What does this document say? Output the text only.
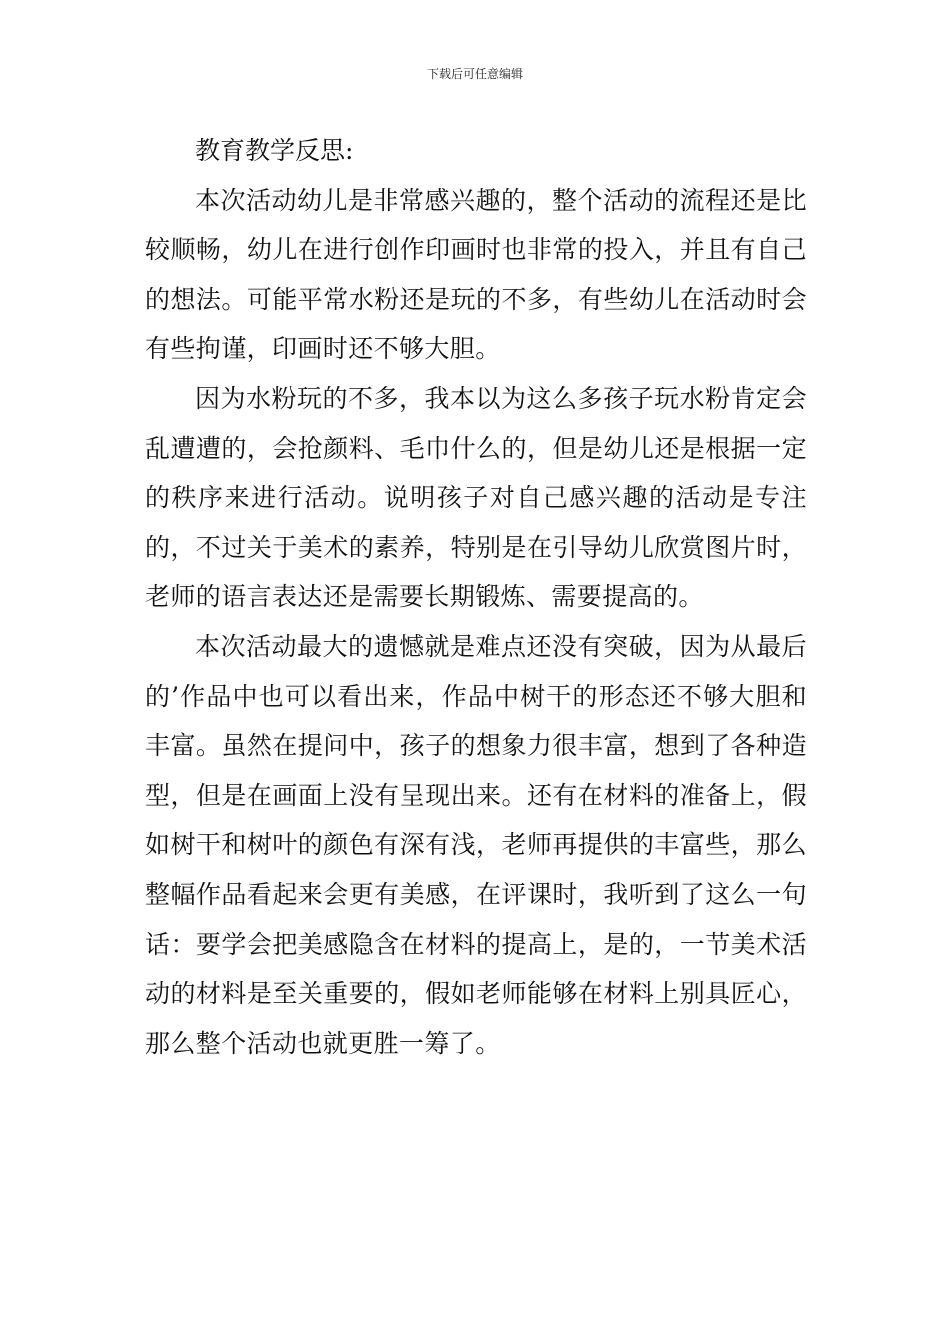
下载后可任意编辑

教育教学反思:

本次活动幼儿是非常感兴趣的，整个活动的流程还是比较顺畅，幼儿在进行创作印画时也非常的投入，并且有自己的想法。可能平常水粉还是玩的不多，有些幼儿在活动时会有些拘谨，印画时还不够大胆。

因为水粉玩的不多，我本以为这么多孩子玩水粉肯定会乱遭遭的，会抢颜料、毛巾什么的，但是幼儿还是根据一定的秩序来进行活动。说明孩子对自己感兴趣的活动是专注的，不过关于美术的素养，特别是在引导幼儿欣赏图片时，老师的语言表达还是需要长期锻炼、需要提高的。

本次活动最大的遗憾就是难点还没有突破，因为从最后的’作品中也可以看出来，作品中树干的形态还不够大胆和丰富。虽然在提问中，孩子的想象力很丰富，想到了各种造型，但是在画面上没有呈现出来。还有在材料的准备上，假如树干和树叶的颜色有深有浅，老师再提供的丰富些，那么整幅作品看起来会更有美感，在评课时，我听到了这么一句话：要学会把美感隐含在材料的提高上，是的，一节美术活动的材料是至关重要的，假如老师能够在材料上别具匠心，那么整个活动也就更胜一筹了。
